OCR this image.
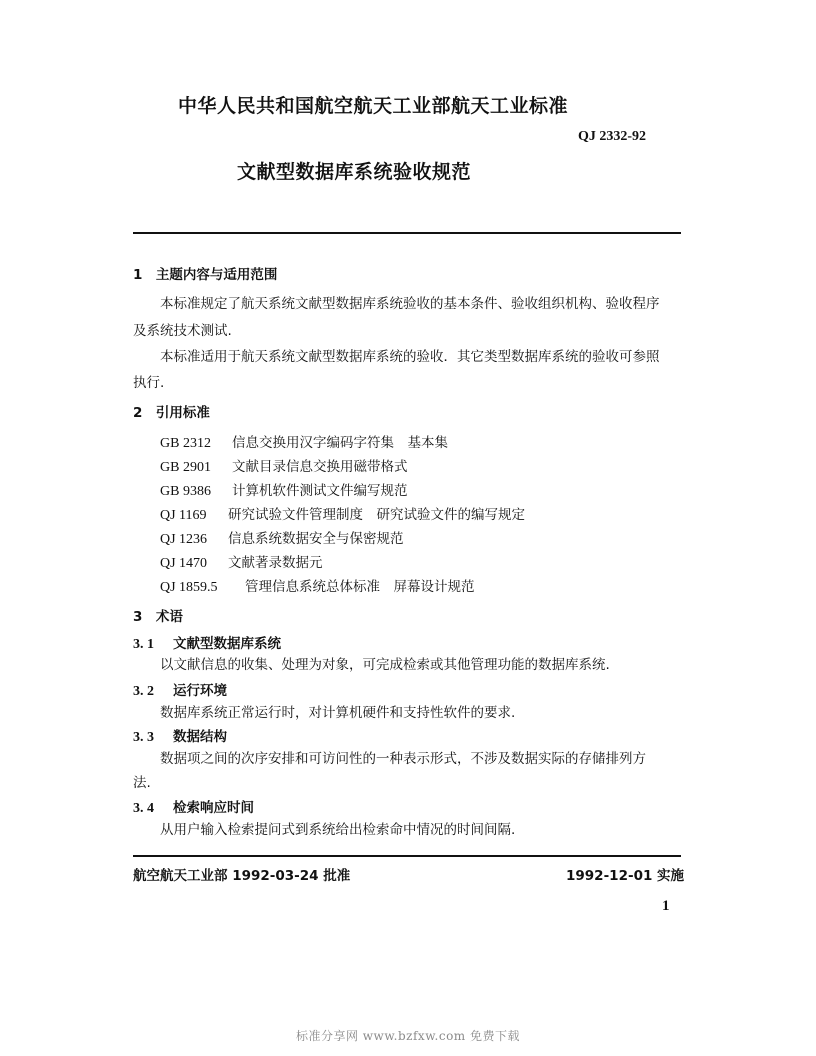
中华人民共和国航空航天工业部航天工业标准
QJ 2332-92
文献型数据库系统验收规范
1　主题内容与适用范围
本标准规定了航天系统文献型数据库系统验收的基本条件、验收组织机构、验收程序
及系统技术测试.
本标准适用于航天系统文献型数据库系统的验收．其它类型数据库系统的验收可参照
执行.
2　引用标准
GB 2312 信息交换用汉字编码字符集　基本集
GB 2901 文献目录信息交换用磁带格式
GB 9386 计算机软件测试文件编写规范
QJ 1169 研究试验文件管理制度　研究试验文件的编写规定
QJ 1236 信息系统数据安全与保密规范
QJ 1470 文献著录数据元
QJ 1859.5 管理信息系统总体标准　屏幕设计规范
3　术语
3. 1 文献型数据库系统
以文献信息的收集、处理为对象，可完成检索或其他管理功能的数据库系统.
3. 2 运行环境
数据库系统正常运行时，对计算机硬件和支持性软件的要求.
3. 3 数据结构
数据项之间的次序安排和可访问性的一种表示形式，不涉及数据实际的存储排列方
法.
3. 4 检索响应时间
从用户输入检索提问式到系统给出检索命中情况的时间间隔.
航空航天工业部 1992-03-24 批准	1992-12-01 实施
1
标准分享网 www.bzfxw.com 免费下载
